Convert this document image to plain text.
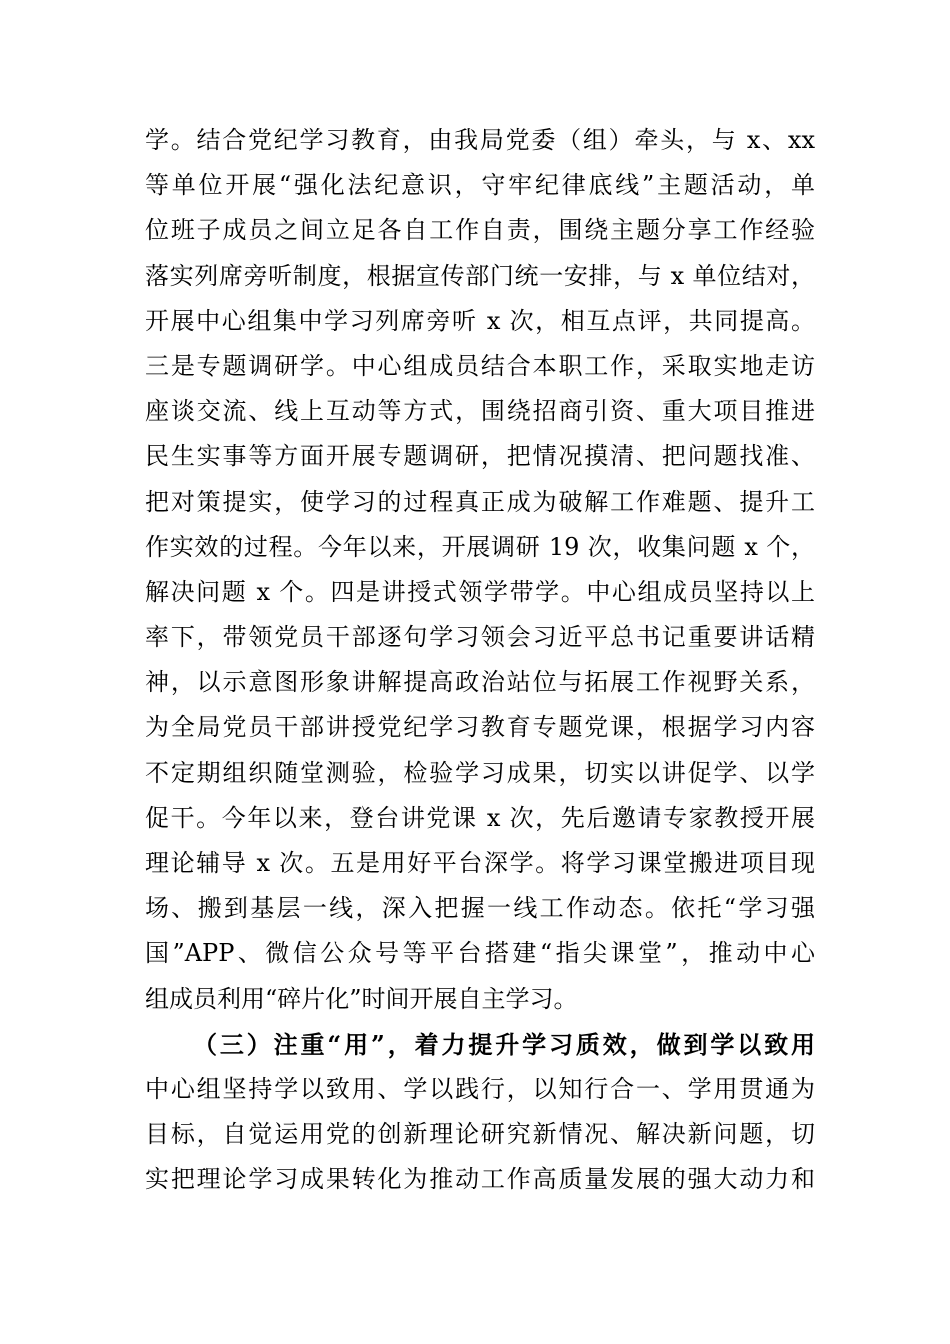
学。结合党纪学习教育，由我局党委（组）牵头，与 x、xx
等单位开展“强化法纪意识，守牢纪律底线”主题活动，单
位班子成员之间立足各自工作自责，围绕主题分享工作经验
落实列席旁听制度，根据宣传部门统一安排，与 x 单位结对，
开展中心组集中学习列席旁听 x 次，相互点评，共同提高。
三是专题调研学。中心组成员结合本职工作，采取实地走访
座谈交流、线上互动等方式，围绕招商引资、重大项目推进
民生实事等方面开展专题调研，把情况摸清、把问题找准、
把对策提实，使学习的过程真正成为破解工作难题、提升工
作实效的过程。今年以来，开展调研 19 次，收集问题 x 个，
解决问题 x 个。四是讲授式领学带学。中心组成员坚持以上
率下，带领党员干部逐句学习领会习近平总书记重要讲话精
神，以示意图形象讲解提高政治站位与拓展工作视野关系，
为全局党员干部讲授党纪学习教育专题党课，根据学习内容
不定期组织随堂测验，检验学习成果，切实以讲促学、以学
促干。今年以来，登台讲党课 x 次，先后邀请专家教授开展
理论辅导 x 次。五是用好平台深学。将学习课堂搬进项目现
场、搬到基层一线，深入把握一线工作动态。依托“学习强
国”APP、微信公众号等平台搭建“指尖课堂”，推动中心
组成员利用“碎片化”时间开展自主学习。
（三）注重“用”，着力提升学习质效，做到学以致用
中心组坚持学以致用、学以践行，以知行合一、学用贯通为
目标，自觉运用党的创新理论研究新情况、解决新问题，切
实把理论学习成果转化为推动工作高质量发展的强大动力和
